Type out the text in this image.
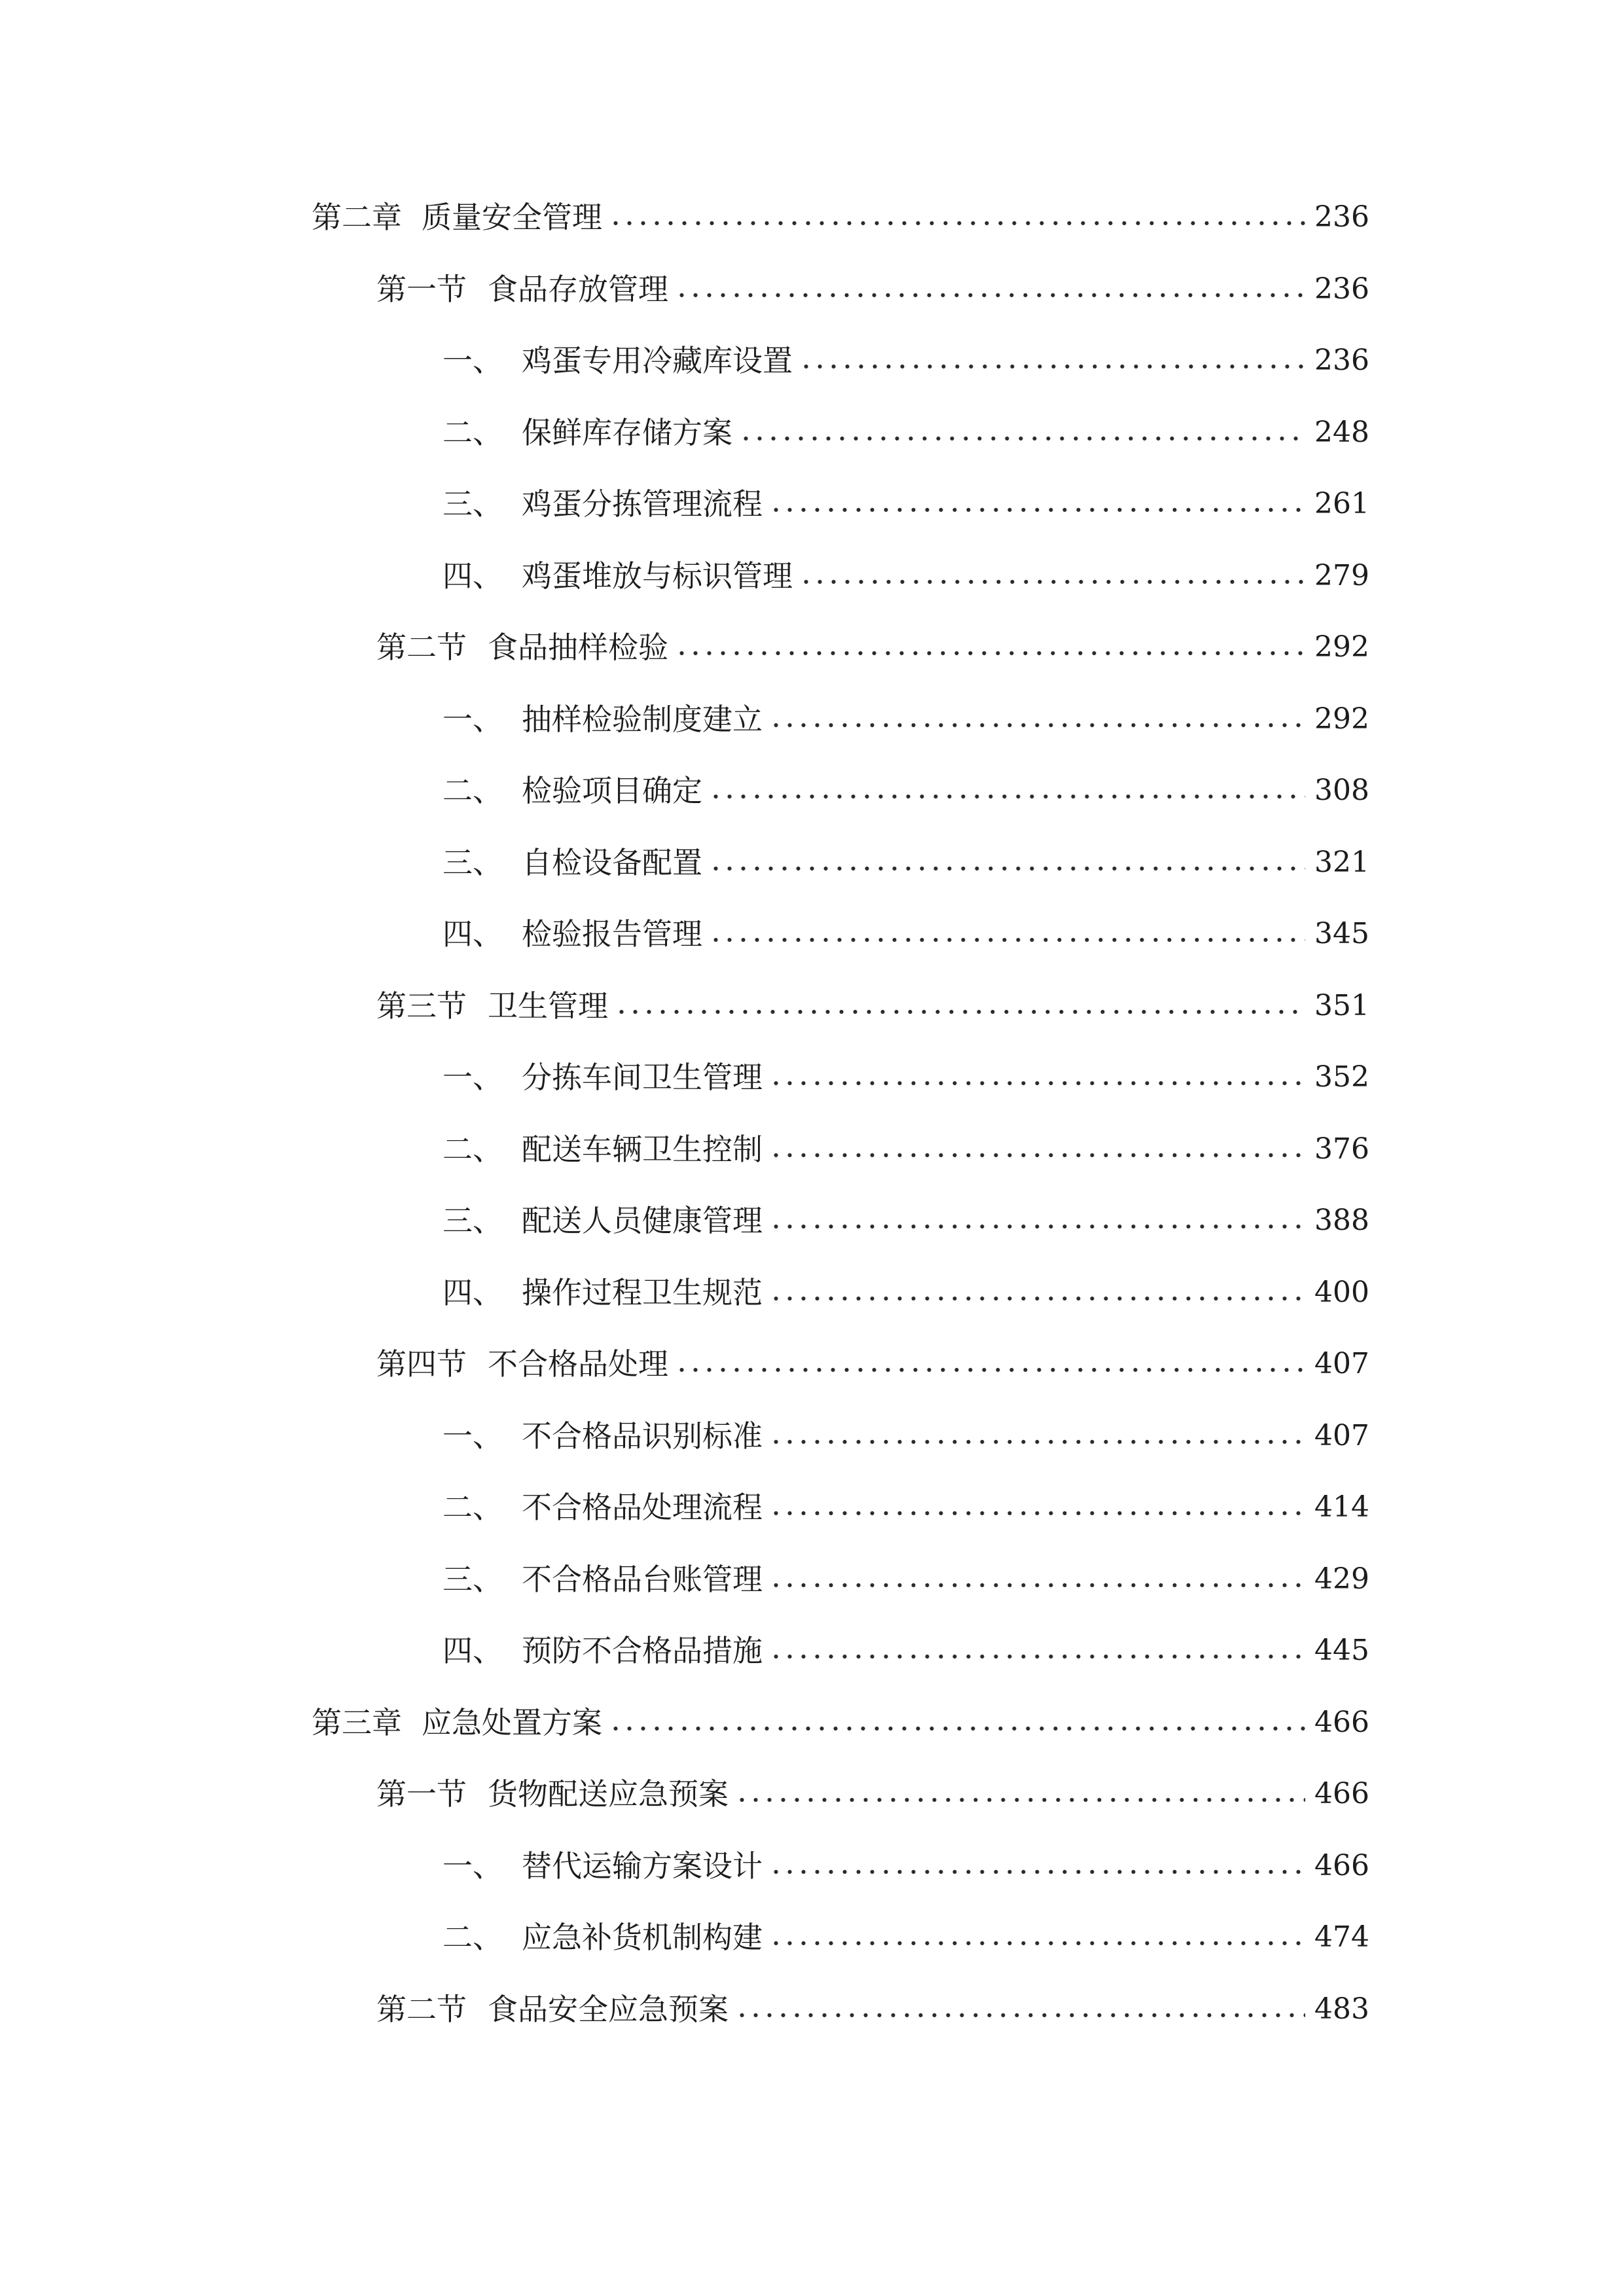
第二章 质量安全管理	236
第一节 食品存放管理	236
一、 鸡蛋专用冷藏库设置	236
二、 保鲜库存储方案	248
三、 鸡蛋分拣管理流程	261
四、 鸡蛋堆放与标识管理	279
第二节 食品抽样检验	292
一、 抽样检验制度建立	292
二、 检验项目确定	308
三、 自检设备配置	321
四、 检验报告管理	345
第三节 卫生管理	351
一、 分拣车间卫生管理	352
二、 配送车辆卫生控制	376
三、 配送人员健康管理	388
四、 操作过程卫生规范	400
第四节 不合格品处理	407
一、 不合格品识别标准	407
二、 不合格品处理流程	414
三、 不合格品台账管理	429
四、 预防不合格品措施	445
第三章 应急处置方案	466
第一节 货物配送应急预案	466
一、 替代运输方案设计	466
二、 应急补货机制构建	474
第二节 食品安全应急预案	483
